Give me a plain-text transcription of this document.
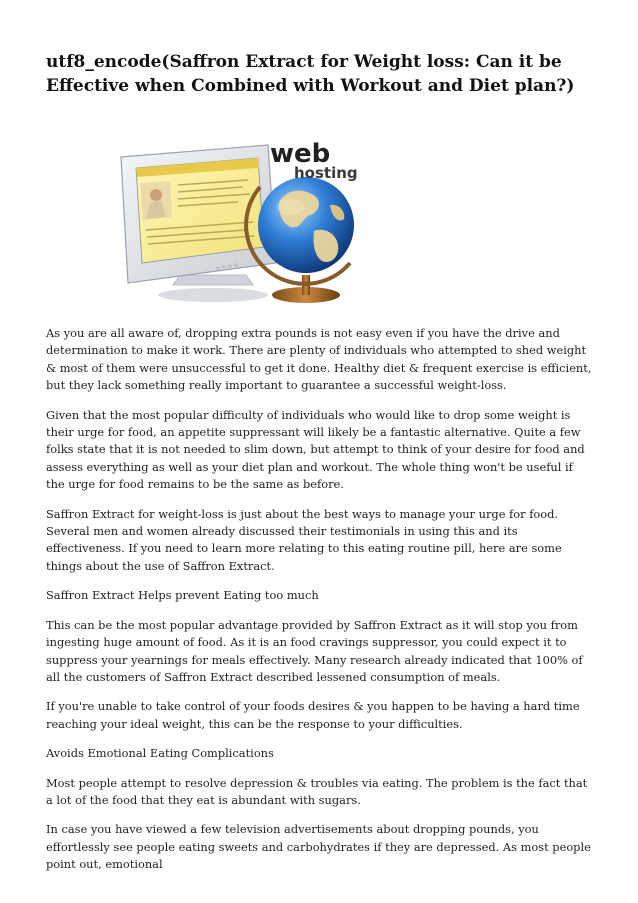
utf8_encode(Saffron Extract for Weight loss: Can it be Effective when Combined with Workout and Diet plan?)
web
hosting

As you are all aware of, dropping extra pounds is not easy even if you have the drive and determination to make it work. There are plenty of individuals who attempted to shed weight & most of them were unsuccessful to get it done. Healthy diet & frequent exercise is efficient, but they lack something really important to guarantee a successful weight-loss.

Given that the most popular difficulty of individuals who would like to drop some weight is their urge for food, an appetite suppressant will likely be a fantastic alternative. Quite a few folks state that it is not needed to slim down, but attempt to think of your desire for food and assess everything as well as your diet plan and workout. The whole thing won't be useful if the urge for food remains to be the same as before.

Saffron Extract for weight-loss is just about the best ways to manage your urge for food. Several men and women already discussed their testimonials in using this and its effectiveness. If you need to learn more relating to this eating routine pill, here are some things about the use of Saffron Extract.

Saffron Extract Helps prevent Eating too much

This can be the most popular advantage provided by Saffron Extract as it will stop you from ingesting huge amount of food. As it is an food cravings suppressor, you could expect it to suppress your yearnings for meals effectively. Many research already indicated that 100% of all the customers of Saffron Extract described lessened consumption of meals.

If you're unable to take control of your foods desires & you happen to be having a hard time reaching your ideal weight, this can be the response to your difficulties.

Avoids Emotional Eating Complications

Most people attempt to resolve depression & troubles via eating. The problem is the fact that a lot of the food that they eat is abundant with sugars.

In case you have viewed a few television advertisements about dropping pounds, you effortlessly see people eating sweets and carbohydrates if they are depressed. As most people point out, emotional
